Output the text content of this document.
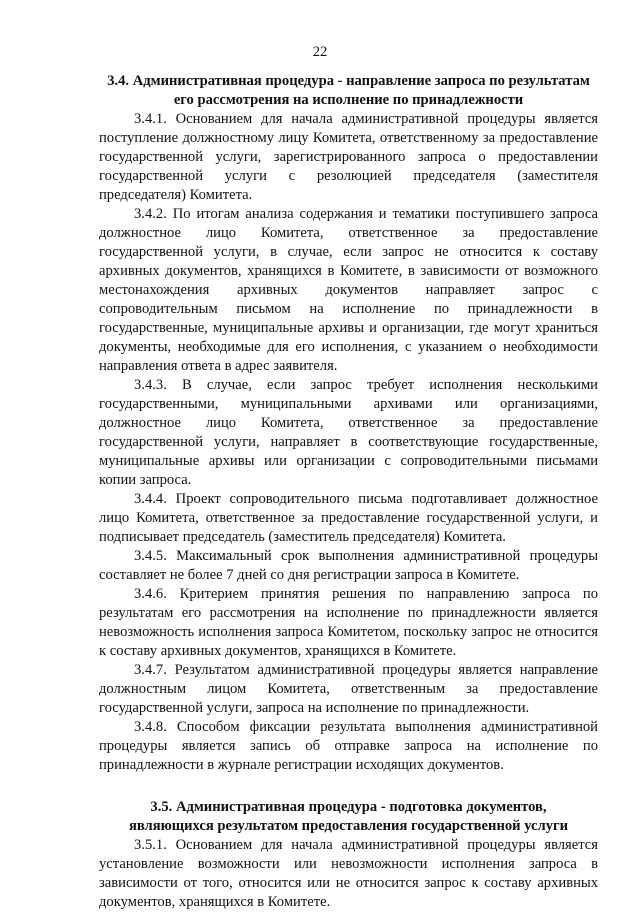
22

3.4. Административная процедура - направление запроса по результатам

его рассмотрения на исполнение по принадлежности

3.4.1. Основанием для начала административной процедуры является поступление должностному лицу Комитета, ответственному за предоставление государственной услуги, зарегистрированного запроса о предоставлении государственной услуги с резолюцией председателя (заместителя председателя) Комитета.

3.4.2. По итогам анализа содержания и тематики поступившего запроса должностное лицо Комитета, ответственное за предоставление государственной услуги, в случае, если запрос не относится к составу архивных документов, хранящихся в Комитете, в зависимости от возможного местонахождения архивных документов направляет запрос с сопроводительным письмом на исполнение по принадлежности в государственные, муниципальные архивы и организации, где могут храниться документы, необходимые для его исполнения, с указанием о необходимости направления ответа в адрес заявителя.

3.4.3. В случае, если запрос требует исполнения несколькими государственными, муниципальными архивами или организациями, должностное лицо Комитета, ответственное за предоставление государственной услуги, направляет в соответствующие государственные, муниципальные архивы или организации с сопроводительными письмами копии запроса.

3.4.4. Проект сопроводительного письма подготавливает должностное лицо Комитета, ответственное за предоставление государственной услуги, и подписывает председатель (заместитель председателя) Комитета.

3.4.5. Максимальный срок выполнения административной процедуры составляет не более 7 дней со дня регистрации запроса в Комитете.

3.4.6. Критерием принятия решения по направлению запроса по результатам его рассмотрения на исполнение по принадлежности является невозможность исполнения запроса Комитетом, поскольку запрос не относится к составу архивных документов, хранящихся в Комитете.

3.4.7. Результатом административной процедуры является направление должностным лицом Комитета, ответственным за предоставление государственной услуги, запроса на исполнение по принадлежности.

3.4.8. Способом фиксации результата выполнения административной процедуры является запись об отправке запроса на исполнение по принадлежности в журнале регистрации исходящих документов.

3.5. Административная процедура - подготовка документов,

являющихся результатом предоставления государственной услуги

3.5.1. Основанием для начала административной процедуры является установление возможности или невозможности исполнения запроса в зависимости от того, относится или не относится запрос к составу архивных документов, хранящихся в Комитете.
